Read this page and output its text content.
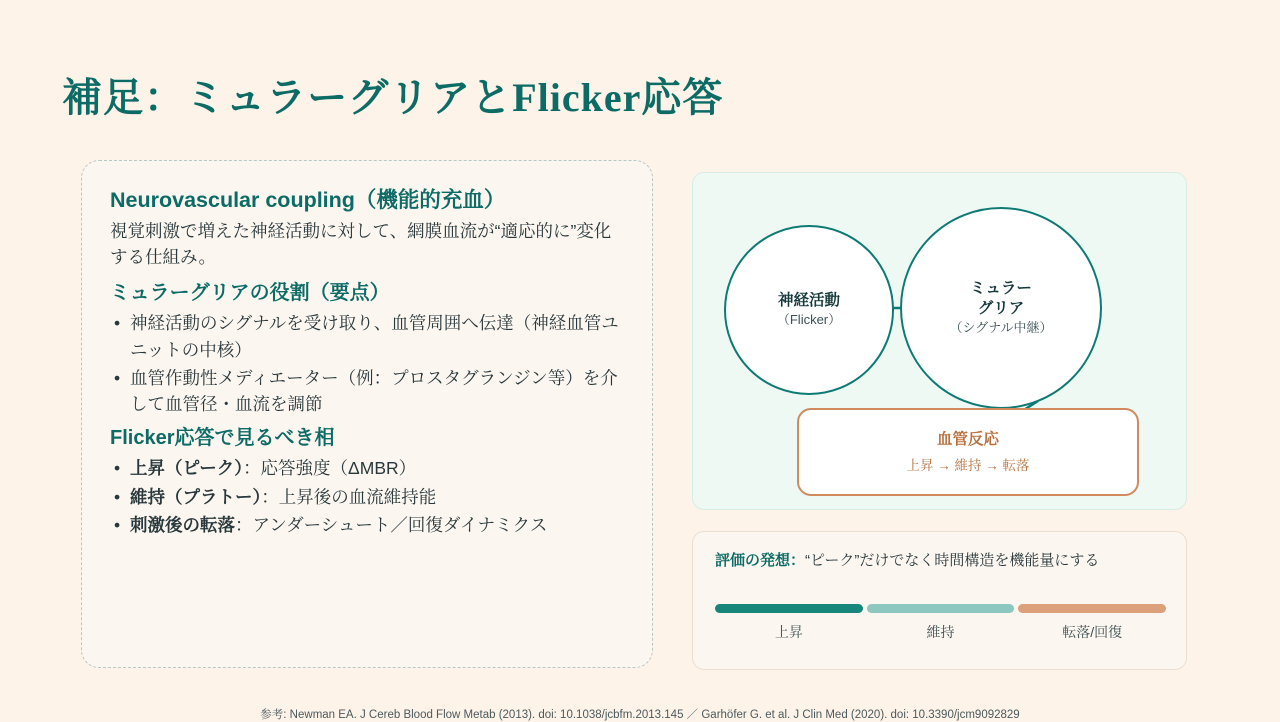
補足：ミュラーグリアとFlicker応答
Neurovascular coupling（機能的充血）
視覚刺激で増えた神経活動に対して、網膜血流が“適応的に”変化する仕組み。
ミュラーグリアの役割（要点）
• 神経活動のシグナルを受け取り、血管周囲へ伝達（神経血管ユニットの中核）
• 血管作動性メディエーター（例：プロスタグランジン等）を介して血管径・血流を調節
Flicker応答で見るべき相
• 上昇（ピーク）：応答強度（ΔMBR）
• 維持（プラトー）：上昇後の血流維持能
• 刺激後の転落：アンダーシュート／回復ダイナミクス
神経活動
（Flicker）
ミュラー
グリア
（シグナル中継）
血管反応
上昇 → 維持 → 転落
評価の発想：“ピーク”だけでなく時間構造を機能量にする
上昇	維持	転落/回復
参考: Newman EA. J Cereb Blood Flow Metab (2013). doi: 10.1038/jcbfm.2013.145 ／ Garhöfer G. et al. J Clin Med (2020). doi: 10.3390/jcm9092829
